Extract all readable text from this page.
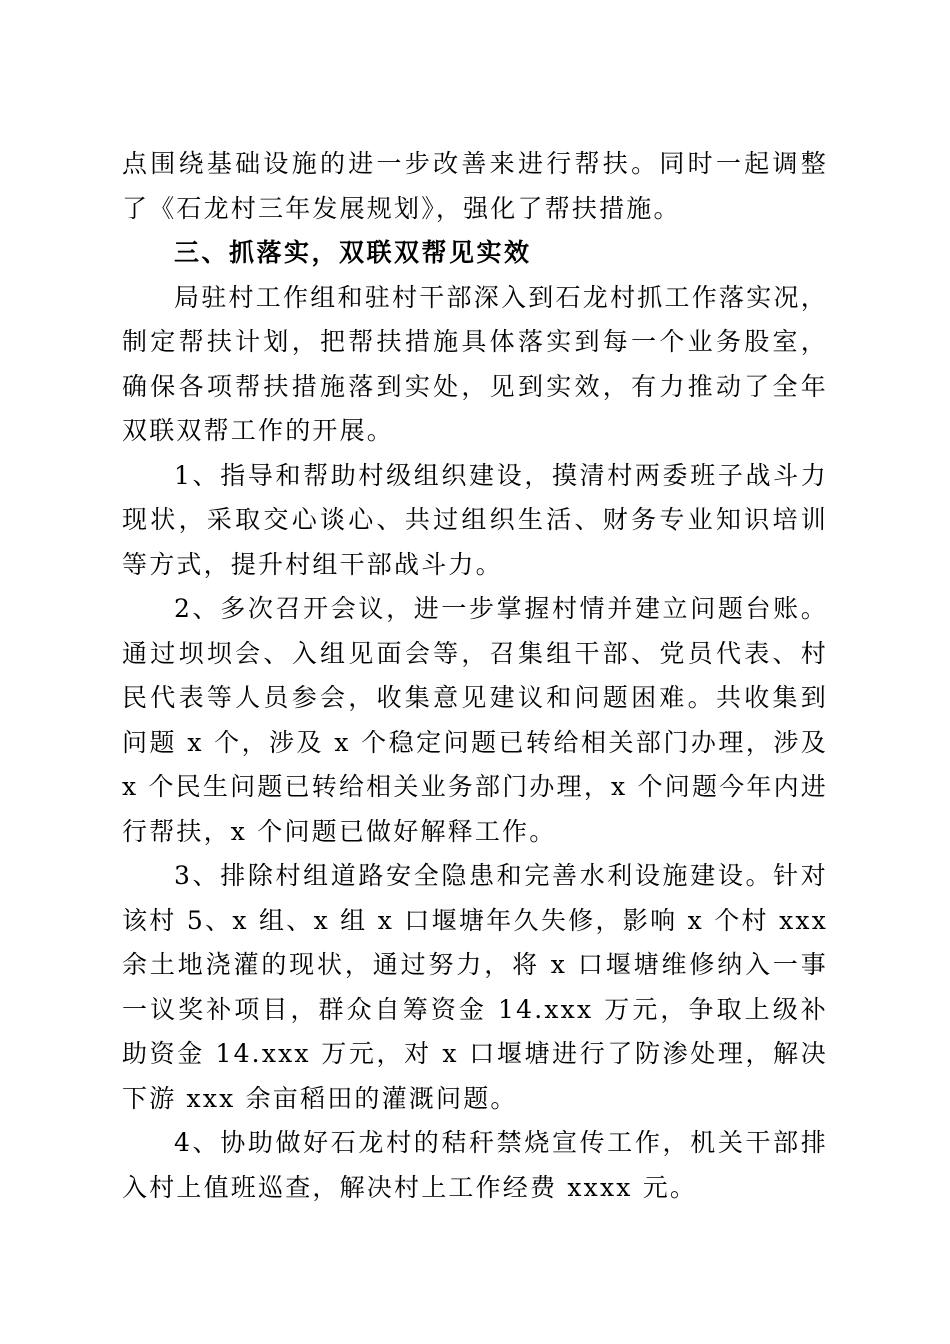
点围绕基础设施的进一步改善来进行帮扶。同时一起调整了《石龙村三年发展规划》，强化了帮扶措施。

三、抓落实，双联双帮见实效

局驻村工作组和驻村干部深入到石龙村抓工作落实况，制定帮扶计划，把帮扶措施具体落实到每一个业务股室，确保各项帮扶措施落到实处，见到实效，有力推动了全年双联双帮工作的开展。

1、指导和帮助村级组织建设，摸清村两委班子战斗力现状，采取交心谈心、共过组织生活、财务专业知识培训等方式，提升村组干部战斗力。

2、多次召开会议，进一步掌握村情并建立问题台账。通过坝坝会、入组见面会等，召集组干部、党员代表、村民代表等人员参会，收集意见建议和问题困难。共收集到问题 x 个，涉及 x 个稳定问题已转给相关部门办理，涉及 x 个民生问题已转给相关业务部门办理，x 个问题今年内进行帮扶，x 个问题已做好解释工作。

3、排除村组道路安全隐患和完善水利设施建设。针对该村 5、x 组、x 组 x 口堰塘年久失修，影响 x 个村 xxx 余土地浇灌的现状，通过努力，将 x 口堰塘维修纳入一事一议奖补项目，群众自筹资金 14.xxx 万元，争取上级补助资金 14.xxx 万元，对 x 口堰塘进行了防渗处理，解决下游 xxx 余亩稻田的灌溉问题。

4、协助做好石龙村的秸秆禁烧宣传工作，机关干部排入村上值班巡查，解决村上工作经费 xxxx 元。
